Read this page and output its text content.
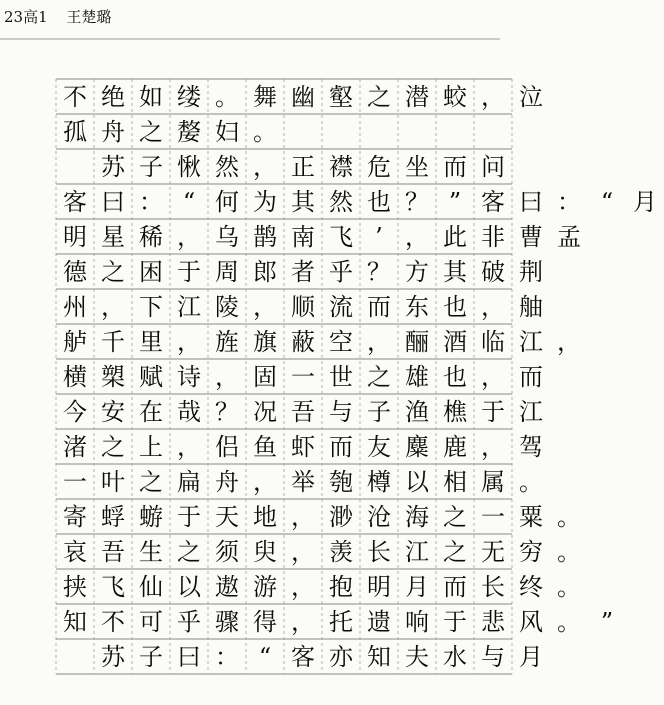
23高1 王楚璐
不 绝 如 缕 。 舞 幽 壑 之 潜 蛟 ， 泣
孤 舟 之 嫠 妇 。

苏 子 愀 然 ， 正 襟 危 坐 而 问
客 曰 ： “ 何 为 其 然 也 ？ ” 客 曰 ： “ 月
明 星 稀 ， 乌 鹊 南 飞 ’ ， 此 非 曹 孟
德 之 困 于 周 郎 者 乎 ？ 方 其 破 荆
州 ， 下 江 陵 ， 顺 流 而 东 也 ， 舳
舻 千 里 ， 旌 旗 蔽 空 ， 酾 酒 临 江 ，
横 槊 赋 诗 ， 固 一 世 之 雄 也 ， 而
今 安 在 哉 ？ 况 吾 与 子 渔 樵 于 江
渚 之 上 ， 侣 鱼 虾 而 友 麋 鹿 ， 驾
一 叶 之 扁 舟 ， 举 匏 樽 以 相 属 。
寄 蜉 蝣 于 天 地 ， 渺 沧 海 之 一 粟 。
哀 吾 生 之 须 臾 ， 羡 长 江 之 无 穷 。
挟 飞 仙 以 遨 游 ， 抱 明 月 而 长 终 。
知 不 可 乎 骤 得 ， 托 遗 响 于 悲 风 。 ”

苏 子 曰 ： “ 客 亦 知 夫 水 与 月
